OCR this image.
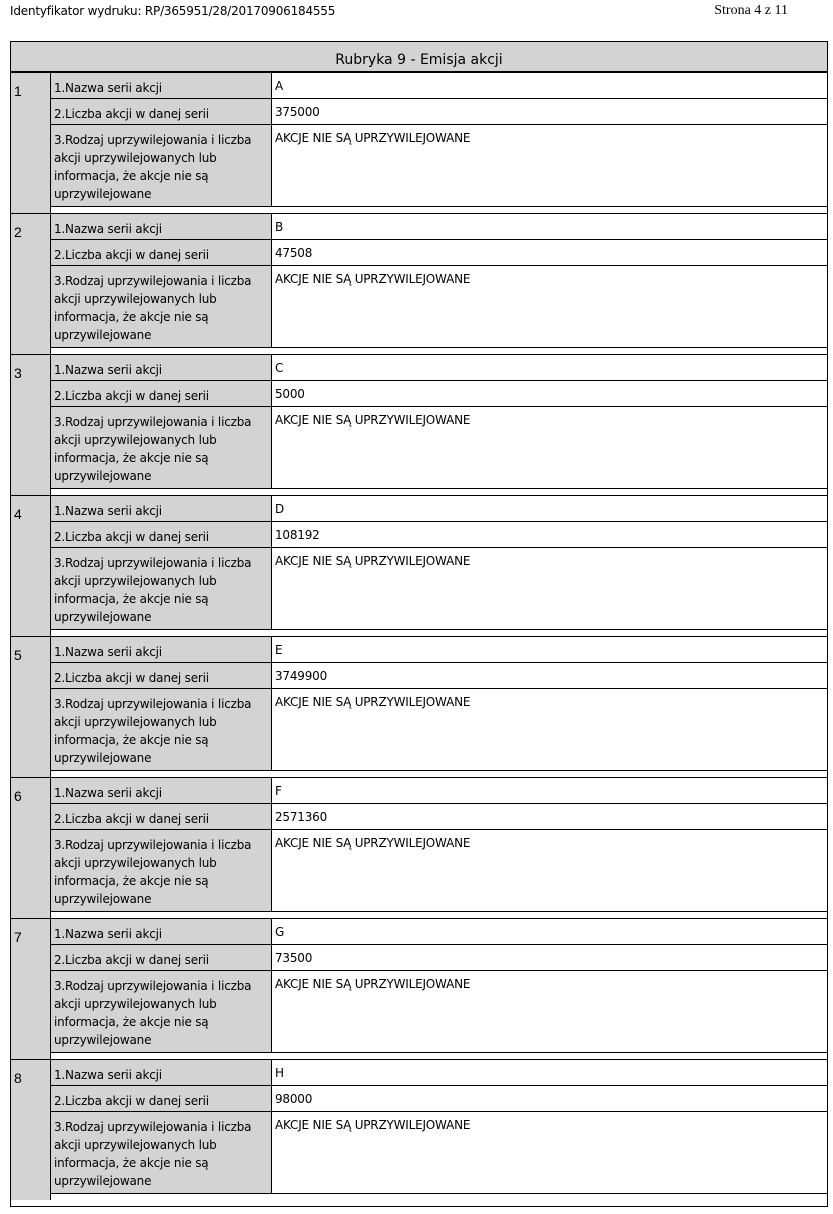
Identyfikator wydruku: RP/365951/28/20170906184555	Strona 4 z 11
Rubryka 9 - Emisja akcji
1	1.Nazwa serii akcji	A
2.Liczba akcji w danej serii	375000
3.Rodzaj uprzywilejowania i liczba akcji uprzywilejowanych lub informacja, że akcje nie są uprzywilejowane
AKCJE NIE SĄ UPRZYWILEJOWANE
2	1.Nazwa serii akcji	B
2.Liczba akcji w danej serii	47508
3.Rodzaj uprzywilejowania i liczba akcji uprzywilejowanych lub informacja, że akcje nie są uprzywilejowane
AKCJE NIE SĄ UPRZYWILEJOWANE
3	1.Nazwa serii akcji	C
2.Liczba akcji w danej serii	5000
3.Rodzaj uprzywilejowania i liczba akcji uprzywilejowanych lub informacja, że akcje nie są uprzywilejowane
AKCJE NIE SĄ UPRZYWILEJOWANE
4	1.Nazwa serii akcji	D
2.Liczba akcji w danej serii	108192
3.Rodzaj uprzywilejowania i liczba akcji uprzywilejowanych lub informacja, że akcje nie są uprzywilejowane
AKCJE NIE SĄ UPRZYWILEJOWANE
5	1.Nazwa serii akcji	E
2.Liczba akcji w danej serii	3749900
3.Rodzaj uprzywilejowania i liczba akcji uprzywilejowanych lub informacja, że akcje nie są uprzywilejowane
AKCJE NIE SĄ UPRZYWILEJOWANE
6	1.Nazwa serii akcji	F
2.Liczba akcji w danej serii	2571360
3.Rodzaj uprzywilejowania i liczba akcji uprzywilejowanych lub informacja, że akcje nie są uprzywilejowane
AKCJE NIE SĄ UPRZYWILEJOWANE
7	1.Nazwa serii akcji	G
2.Liczba akcji w danej serii	73500
3.Rodzaj uprzywilejowania i liczba akcji uprzywilejowanych lub informacja, że akcje nie są uprzywilejowane
AKCJE NIE SĄ UPRZYWILEJOWANE
8	1.Nazwa serii akcji	H
2.Liczba akcji w danej serii	98000
3.Rodzaj uprzywilejowania i liczba akcji uprzywilejowanych lub informacja, że akcje nie są uprzywilejowane
AKCJE NIE SĄ UPRZYWILEJOWANE
